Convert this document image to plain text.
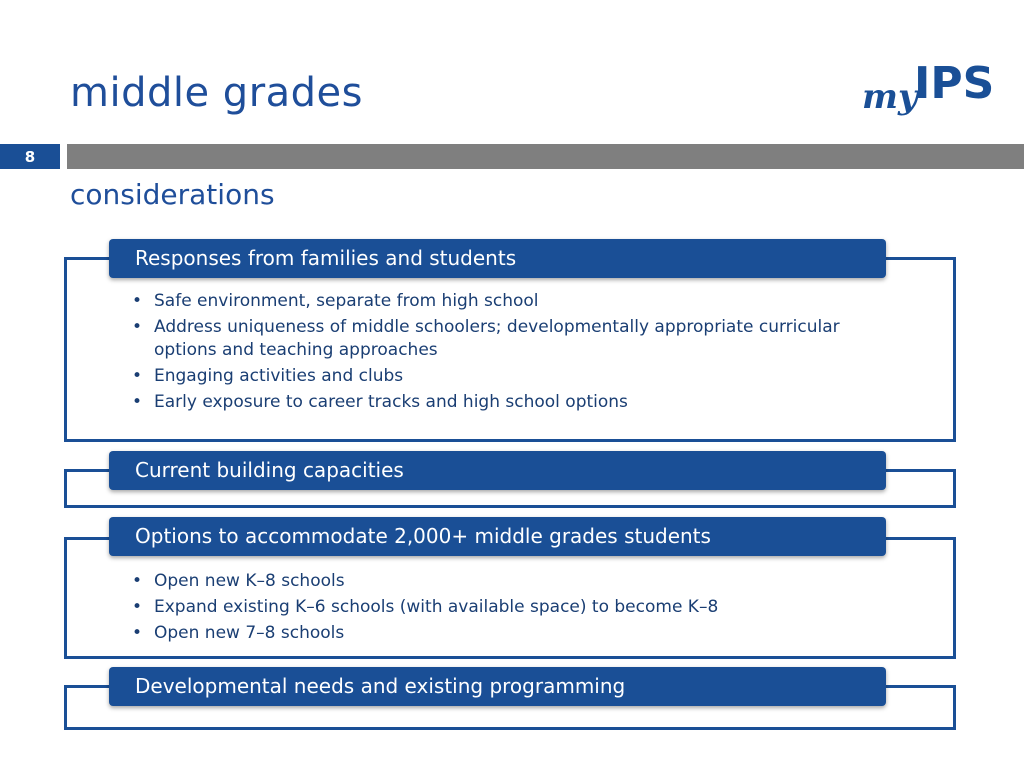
middle grades	my
IPS
8
considerations
Responses from families and students
• Safe environment, separate from high school
• Address uniqueness of middle schoolers; developmentally appropriate curricular options and teaching approaches
• Engaging activities and clubs
• Early exposure to career tracks and high school options
Current building capacities
Options to accommodate 2,000+ middle grades students
• Open new K–8 schools
• Expand existing K–6 schools (with available space) to become K–8
• Open new 7–8 schools
Developmental needs and existing programming
